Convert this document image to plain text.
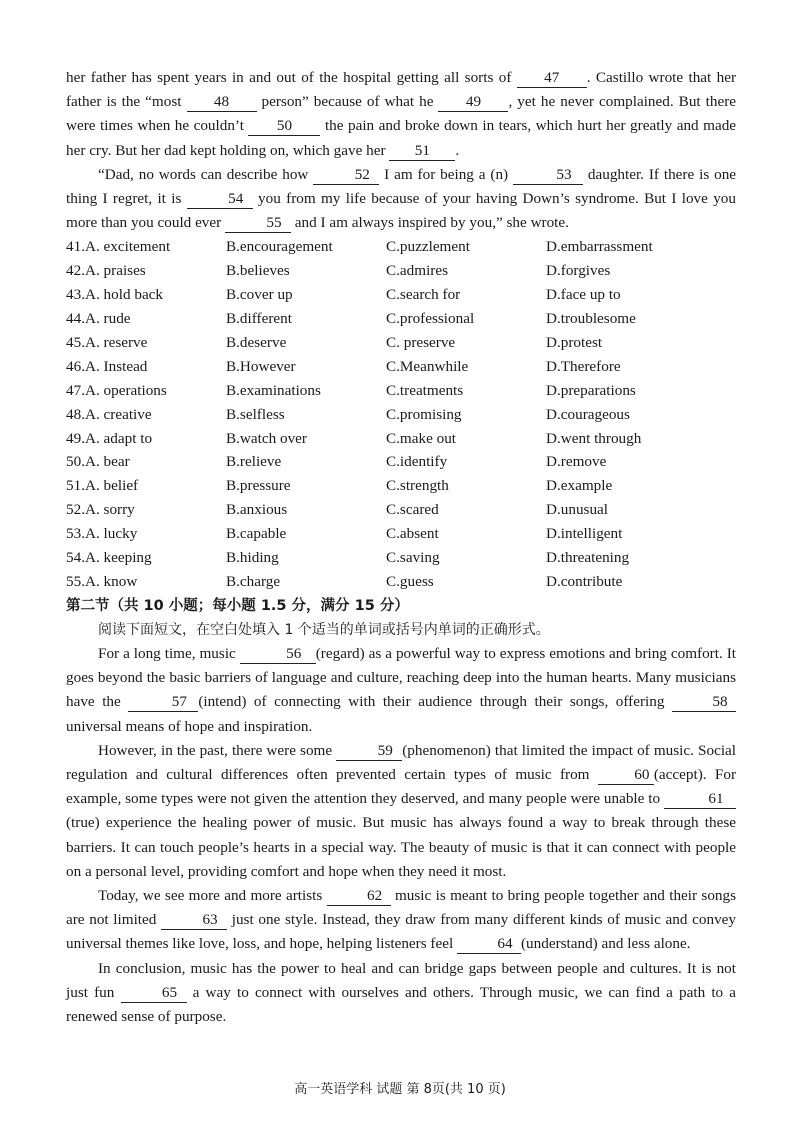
her father has spent years in and out of the hospital getting all sorts of 47 . Castillo wrote that her father is the “most 48 person” because of what he 49 , yet he never complained. But there were times when he couldn’t 50 the pain and broke down in tears, which hurt her greatly and made her cry. But her dad kept holding on, which gave her 51 .

“Dad, no words can describe how	52 I am for being a (n)	53 daughter. If there is one thing I regret, it is	54 you from my life because of your having Down’s syndrome. But I love you more than you could ever	55 and I am always inspired by you,” she wrote.

41.A. excitement	B.encouragement	C.puzzlement	D.embarrassment
42.A. praises	B.believes	C.admires	D.forgives
43.A. hold back	B.cover up	C.search for	D.face up to
44.A. rude	B.different	C.professional	D.troublesome
45.A. reserve	B.deserve	C. preserve	D.protest
46.A. Instead	B.However	C.Meanwhile	D.Therefore
47.A. operations	B.examinations	C.treatments	D.preparations
48.A. creative	B.selfless	C.promising	D.courageous
49.A. adapt to	B.watch over	C.make out	D.went through
50.A. bear	B.relieve	C.identify	D.remove
51.A. belief	B.pressure	C.strength	D.example
52.A. sorry	B.anxious	C.scared	D.unusual
53.A. lucky	B.capable	C.absent	D.intelligent
54.A. keeping	B.hiding	C.saving	D.threatening
55.A. know	B.charge	C.guess	D.contribute

第二节（共 10 小题；每小题 1.5 分，满分 15 分）

阅读下面短文，在空白处填入 1 个适当的单词或括号内单词的正确形式。

For a long time, music	56 (regard) as a powerful way to express emotions and bring comfort. It goes beyond the basic barriers of language and culture, reaching deep into the human hearts. Many musicians have the	57 (intend) of connecting with their audience through their songs, offering	58 universal means of hope and inspiration.

However, in the past, there were some	59 (phenomenon) that limited the impact of music. Social regulation and cultural differences often prevented certain types of music from	60 (accept). For example, some types were not given the attention they deserved, and many people were unable to	61(true) experience the healing power of music. But music has always found a way to break through these barriers. It can touch people’s hearts in a special way. The beauty of music is that it can connect with people on a personal level, providing comfort and hope when they need it most.

Today, we see more and more artists	62 music is meant to bring people together and their songs are not limited	63 just one style. Instead, they draw from many different kinds of music and convey universal themes like love, loss, and hope, helping listeners feel	64 (understand) and less alone.

In conclusion, music has the power to heal and can bridge gaps between people and cultures. It is not just fun	65 a way to connect with ourselves and others. Through music, we can find a path to a renewed sense of purpose.

高一英语学科 试题 第 8页(共 10 页)
